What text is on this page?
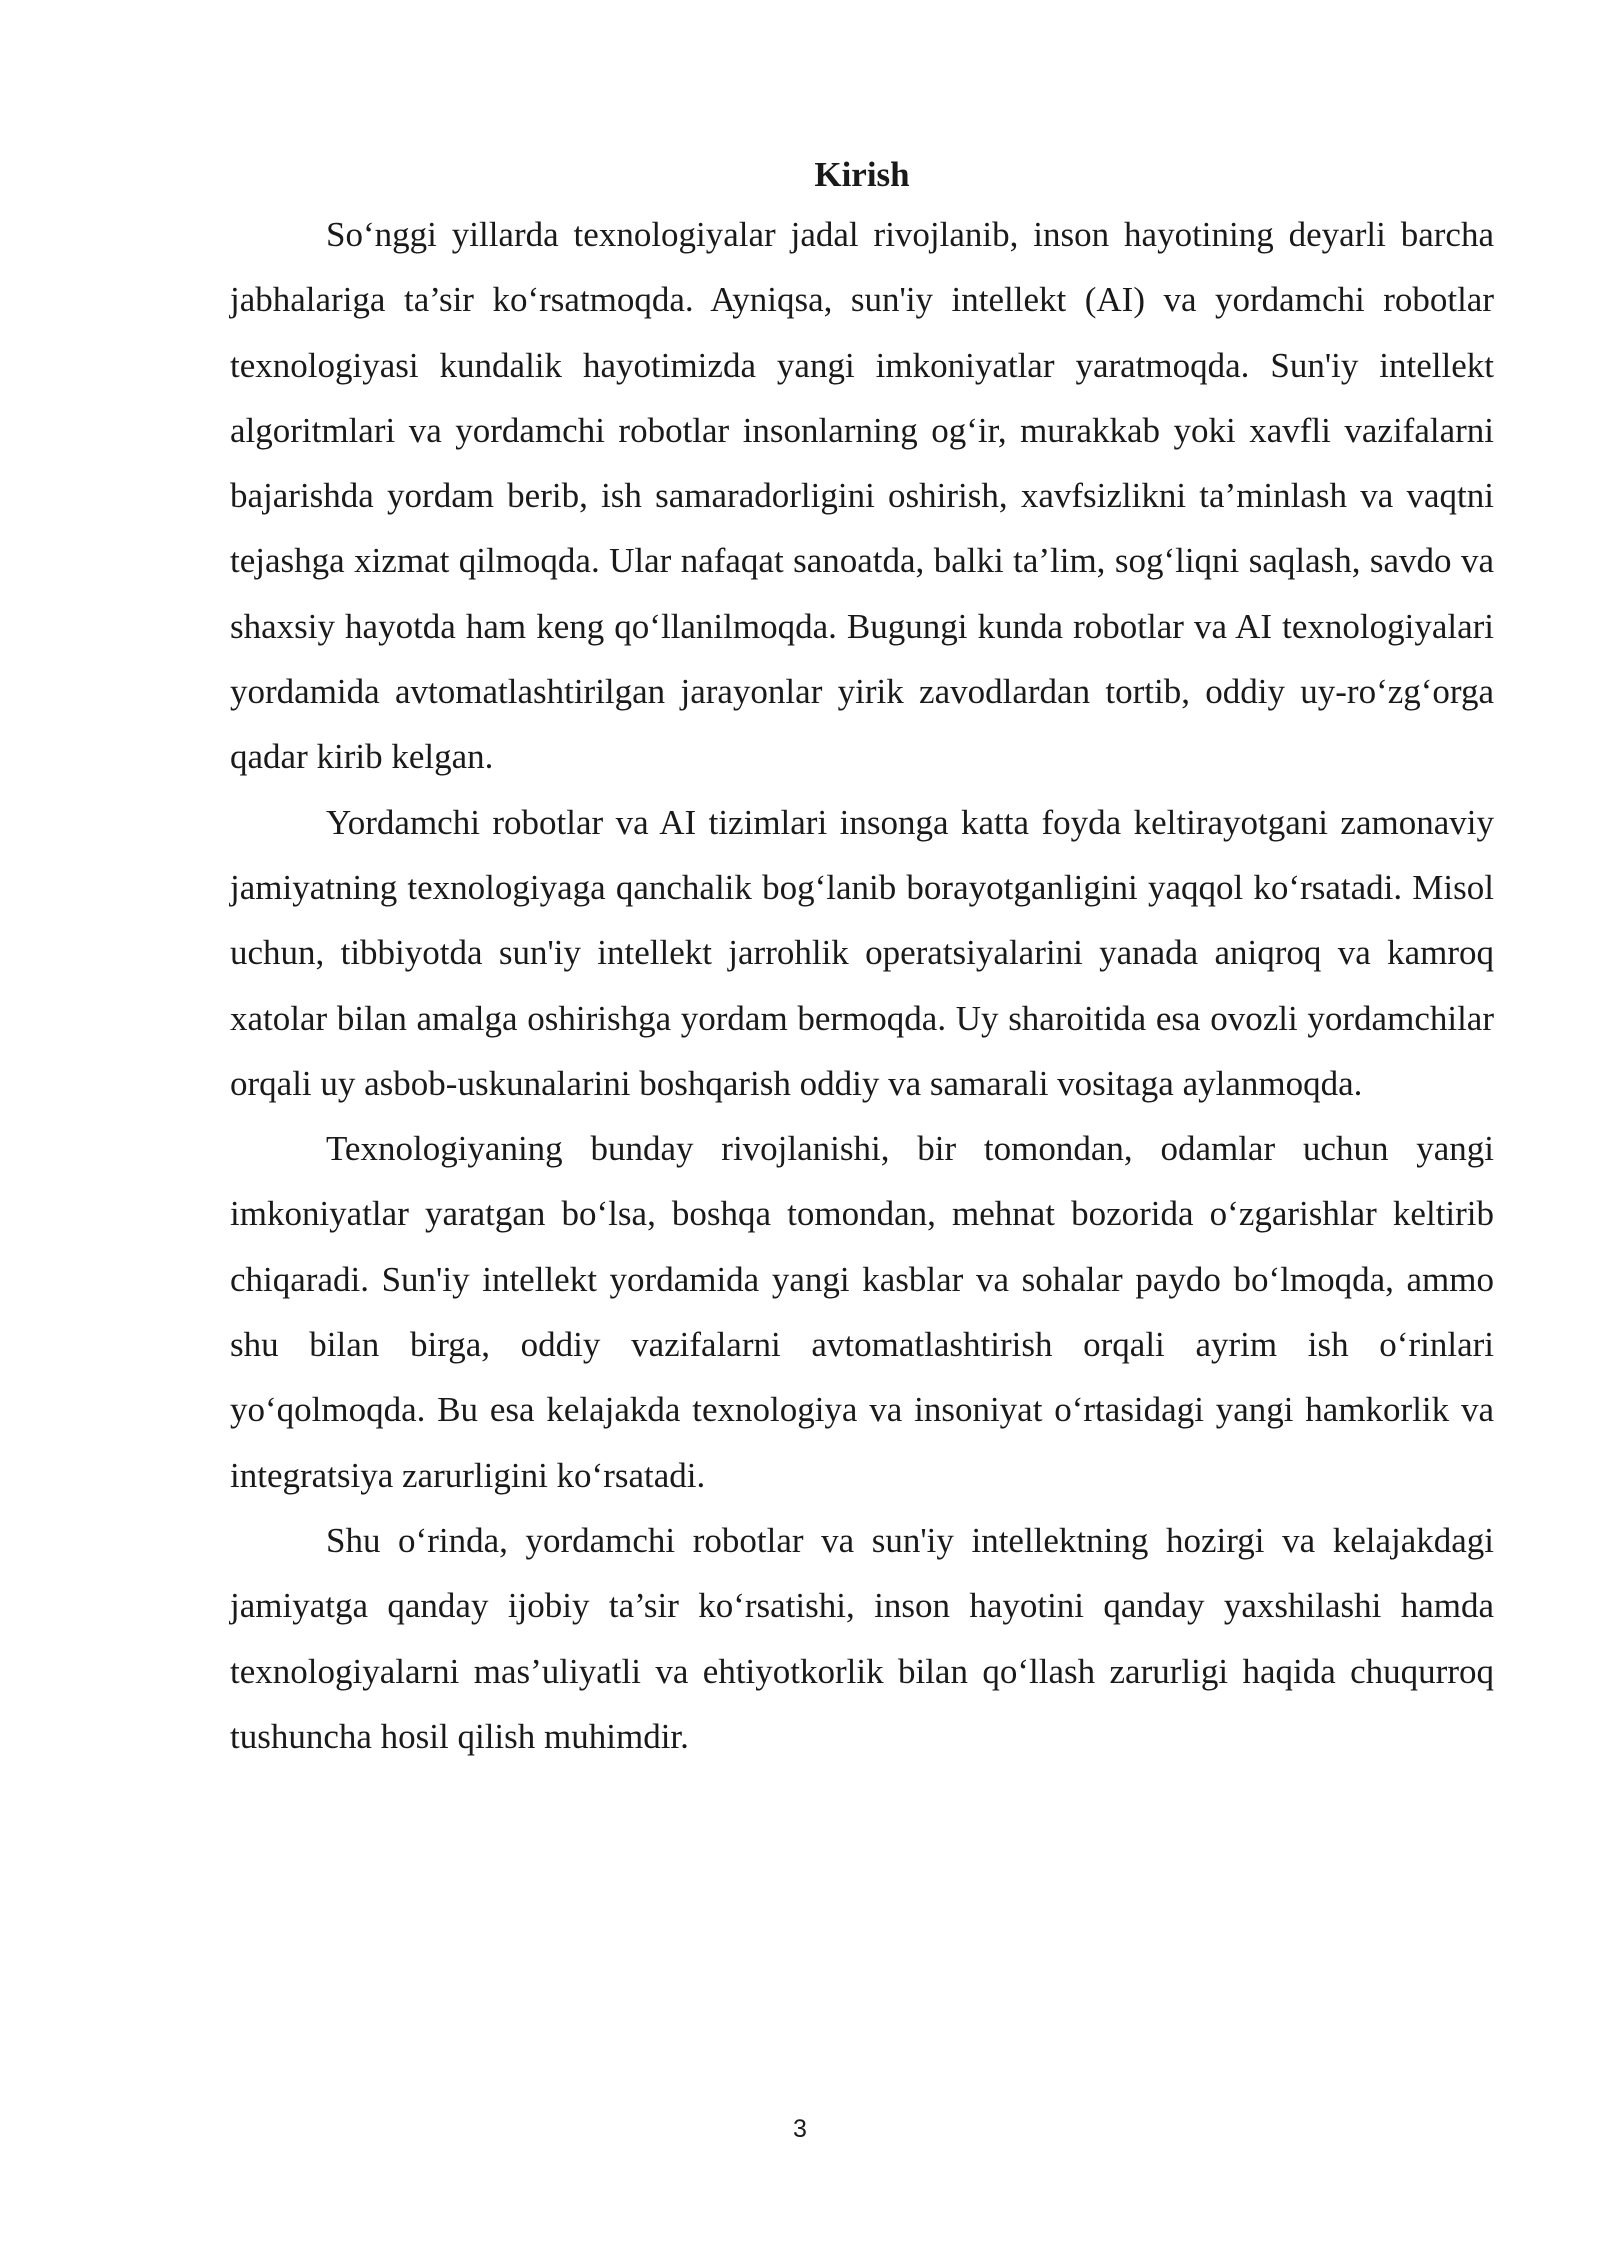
Kirish

So‘nggi yillarda texnologiyalar jadal rivojlanib, inson hayotining deyarli barcha jabhalariga ta’sir ko‘rsatmoqda. Ayniqsa, sun'iy intellekt (AI) va yordamchi robotlar texnologiyasi kundalik hayotimizda yangi imkoniyatlar yaratmoqda. Sun'iy intellekt algoritmlari va yordamchi robotlar insonlarning og‘ir, murakkab yoki xavfli vazifalarni bajarishda yordam berib, ish samaradorligini oshirish, xavfsizlikni ta’minlash va vaqtni tejashga xizmat qilmoqda. Ular nafaqat sanoatda, balki ta’lim, sog‘liqni saqlash, savdo va shaxsiy hayotda ham keng qo‘llanilmoqda. Bugungi kunda robotlar va AI texnologiyalari yordamida avtomatlashtirilgan jarayonlar yirik zavodlardan tortib, oddiy uy-ro‘zg‘orga qadar kirib kelgan.

Yordamchi robotlar va AI tizimlari insonga katta foyda keltirayotgani zamonaviy jamiyatning texnologiyaga qanchalik bog‘lanib borayotganligini yaqqol ko‘rsatadi. Misol uchun, tibbiyotda sun'iy intellekt jarrohlik operatsiyalarini yanada aniqroq va kamroq xatolar bilan amalga oshirishga yordam bermoqda. Uy sharoitida esa ovozli yordamchilar orqali uy asbob-uskunalarini boshqarish oddiy va samarali vositaga aylanmoqda.

Texnologiyaning bunday rivojlanishi, bir tomondan, odamlar uchun yangi imkoniyatlar yaratgan bo‘lsa, boshqa tomondan, mehnat bozorida o‘zgarishlar keltirib chiqaradi. Sun'iy intellekt yordamida yangi kasblar va sohalar paydo bo‘lmoqda, ammo shu bilan birga, oddiy vazifalarni avtomatlashtirish orqali ayrim ish o‘rinlari yo‘qolmoqda. Bu esa kelajakda texnologiya va insoniyat o‘rtasidagi yangi hamkorlik va integratsiya zarurligini ko‘rsatadi.

Shu o‘rinda, yordamchi robotlar va sun'iy intellektning hozirgi va kelajakdagi jamiyatga qanday ijobiy ta’sir ko‘rsatishi, inson hayotini qanday yaxshilashi hamda texnologiyalarni mas’uliyatli va ehtiyotkorlik bilan qo‘llash zarurligi haqida chuqurroq tushuncha hosil qilish muhimdir.

3
